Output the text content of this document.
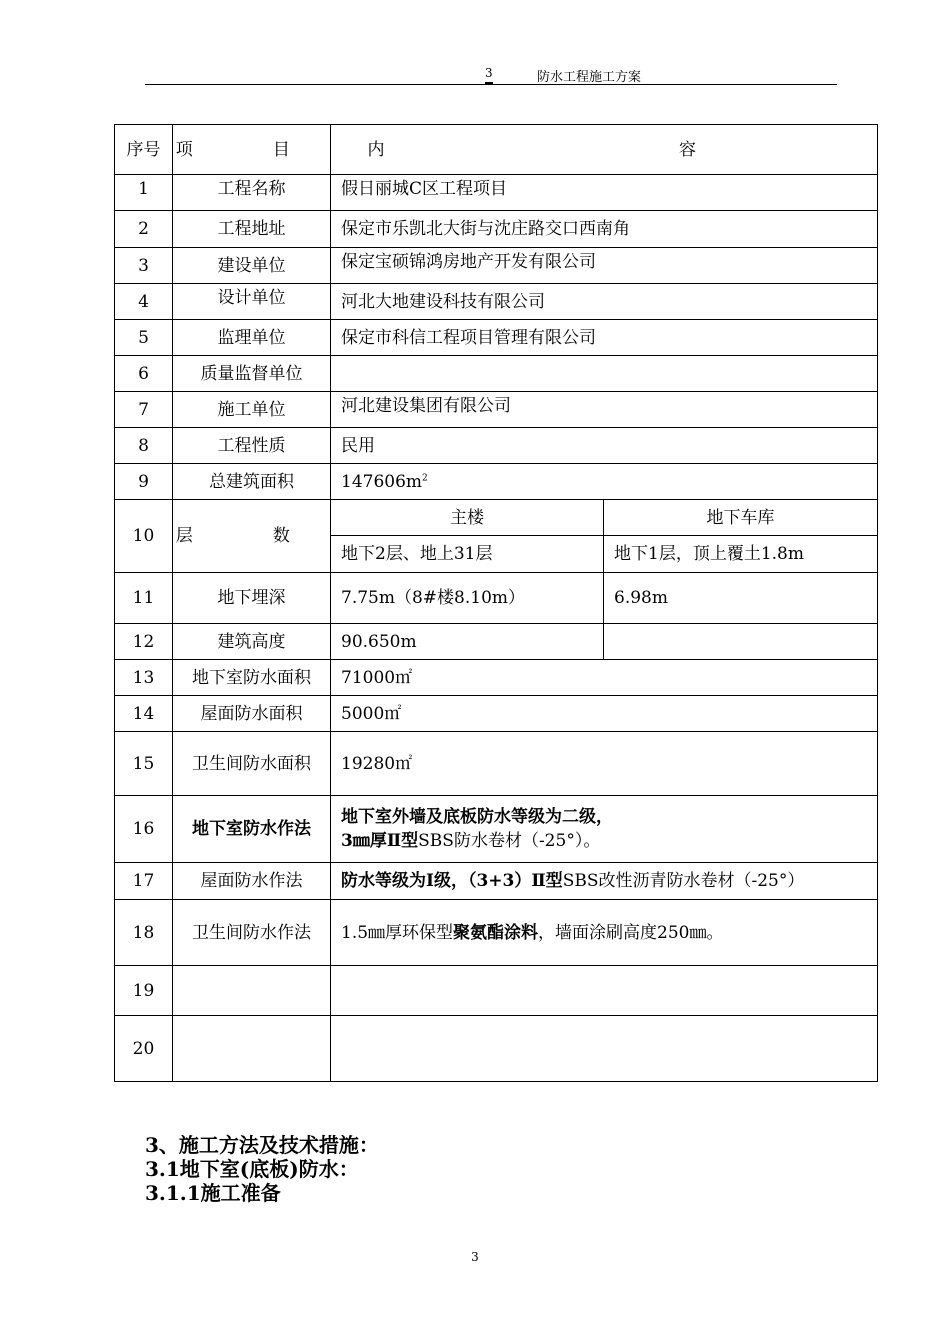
3	防水工程施工方案
序号	项 目	内 容	
1	工程名称	假日丽城C区工程项目	
2	工程地址	保定市乐凯北大街与沈庄路交口西南角	
3	建设单位	保定宝硕锦鸿房地产开发有限公司	
4	设计单位	河北大地建设科技有限公司	
5	监理单位	保定市科信工程项目管理有限公司	
6	质量监督单位		
7	施工单位	河北建设集团有限公司	
8	工程性质	民用	
9	总建筑面积	$147606m^2$
10	层 数	主楼	地下车库
		地下2层、地上31层	地下1层，顶上覆土1.8m
11	地下埋深	7.75m（8#楼8.10m）	6.98m
12	建筑高度	90.650m	
13	地下室防水面积	71000㎡	
14	屋面防水面积	5000㎡	
15	卫生间防水面积	19280㎡	
16	地下室防水作法	地下室外墙及底板防水等级为二级，
3㎜厚Ⅱ型SBS防水卷材（-25°）。	

17	屋面防水作法	防水等级为Ⅰ级，（3+3）Ⅱ型SBS改性沥青防水卷材（-25°）	
18	卫生间防水作法	1.5㎜厚环保型聚氨酯涂料，墙面涂刷高度250㎜。	
19			
20			
3、施工方法及技术措施：
3.1地下室(底板)防水：
3.1.1施工准备
3
